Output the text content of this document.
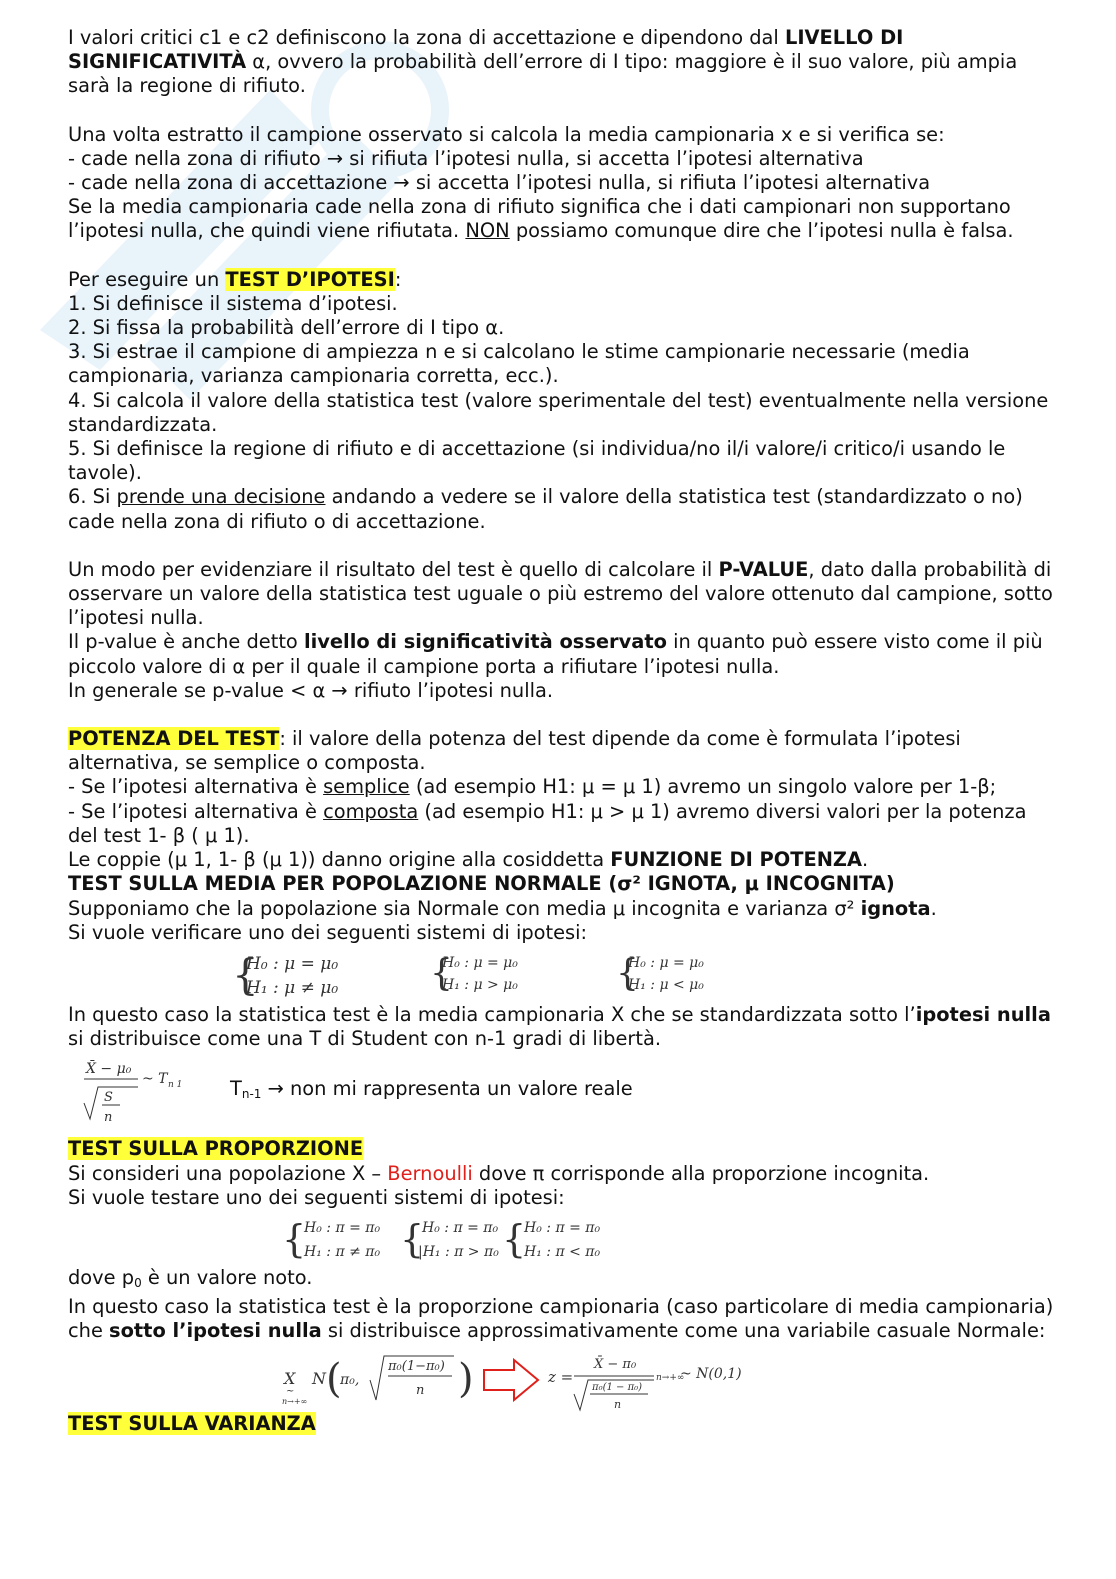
I valori critici c1 e c2 definiscono la zona di accettazione e dipendono dal LIVELLO DI SIGNIFICATIVITÀ α, ovvero la probabilità dell’errore di I tipo: maggiore è il suo valore, più ampia sarà la regione di rifiuto.

Una volta estratto il campione osservato si calcola la media campionaria x e si verifica se:

- cade nella zona di rifiuto → si rifiuta l’ipotesi nulla, si accetta l’ipotesi alternativa

- cade nella zona di accettazione → si accetta l’ipotesi nulla, si rifiuta l’ipotesi alternativa

Se la media campionaria cade nella zona di rifiuto significa che i dati campionari non supportano l’ipotesi nulla, che quindi viene rifiutata. NON possiamo comunque dire che l’ipotesi nulla è falsa.

Per eseguire un TEST D’IPOTESI:

1. Si definisce il sistema d’ipotesi.

2. Si fissa la probabilità dell’errore di I tipo α.

3. Si estrae il campione di ampiezza n e si calcolano le stime campionarie necessarie (media campionaria, varianza campionaria corretta, ecc.).

4. Si calcola il valore della statistica test (valore sperimentale del test) eventualmente nella versione standardizzata.

5. Si definisce la regione di rifiuto e di accettazione (si individua/no il/i valore/i critico/i usando le tavole).

6. Si prende una decisione andando a vedere se il valore della statistica test (standardizzato o no) cade nella zona di rifiuto o di accettazione.

Un modo per evidenziare il risultato del test è quello di calcolare il P-VALUE, dato dalla probabilità di osservare un valore della statistica test uguale o più estremo del valore ottenuto dal campione, sotto l’ipotesi nulla.

Il p-value è anche detto livello di significatività osservato in quanto può essere visto come il più piccolo valore di α per il quale il campione porta a rifiutare l’ipotesi nulla.

In generale se p-value < α → rifiuto l’ipotesi nulla.

POTENZA DEL TEST: il valore della potenza del test dipende da come è formulata l’ipotesi alternativa, se semplice o composta.

- Se l’ipotesi alternativa è semplice (ad esempio H1: μ = μ 1) avremo un singolo valore per 1-β;

- Se l’ipotesi alternativa è composta (ad esempio H1: μ > μ 1) avremo diversi valori per la potenza del test 1- β ( μ 1).

Le coppie (μ 1, 1- β (μ 1)) danno origine alla cosiddetta FUNZIONE DI POTENZA.

TEST SULLA MEDIA PER POPOLAZIONE NORMALE (σ² IGNOTA, μ INCOGNITA)

Supponiamo che la popolazione sia Normale con media μ incognita e varianza σ² ignota.

Si vuole verificare uno dei seguenti sistemi di ipotesi:

{
H₀ : μ = μ₀
H₁ : μ ≠ μ₀	{
H₀ : μ = μ₀
H₁ : μ > μ₀	{
H₀ : μ = μ₀
H₁ : μ < μ₀

In questo caso la statistica test è la media campionaria X che se standardizzata sotto l’ipotesi nulla si distribuisce come una T di Student con n-1 gradi di libertà.

X̄ − μ₀
S
n
~ T n 1 Tn-1 → non mi rappresenta un valore reale

TEST SULLA PROPORZIONE

Si consideri una popolazione X – Bernoulli dove π corrisponde alla proporzione incognita.

Si vuole testare uno dei seguenti sistemi di ipotesi:

{
H₀ : π = π₀
H₁ : π ≠ π₀ {
H₀ : π = π₀
|H₁ : π > π₀ {
H₀ : π = π₀
H₁ : π < π₀

dove p0 è un valore noto.

In questo caso la statistica test è la proporzione campionaria (caso particolare di media campionaria) che sotto l’ipotesi nulla si distribuisce approssimativamente come una variabile casuale Normale:

X
~
n→+∞
N (
π₀,
π₀(1−π₀)
n )	z =
X̄ − π₀
π₀(1 − π₀)
n
n→+∞
~ N(0,1)

TEST SULLA VARIANZA
